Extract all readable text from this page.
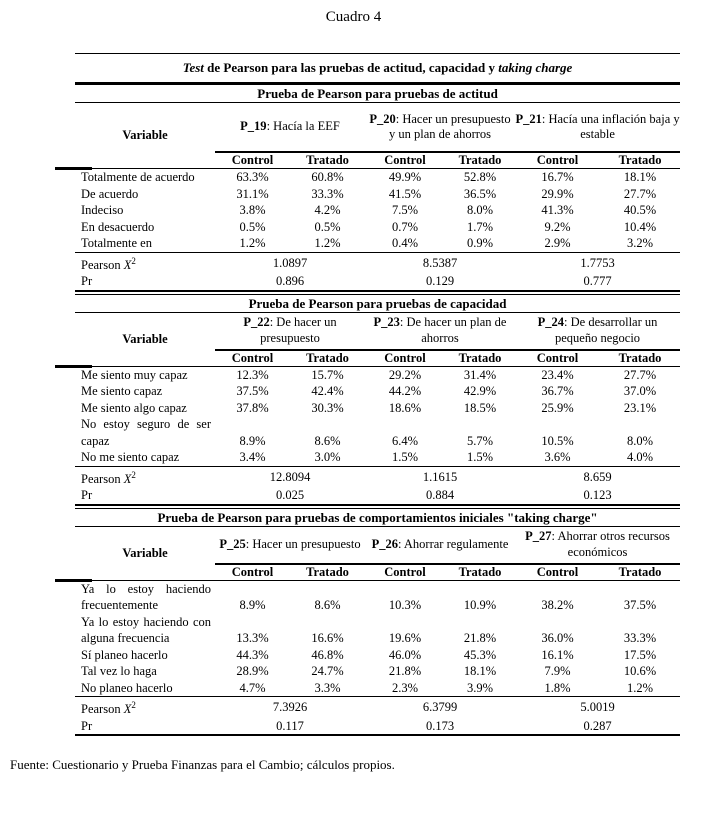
Cuadro 4
Test de Pearson para las pruebas de actitud, capacidad y taking charge
Prueba de Pearson para pruebas de actitud						
Variable	P_19: Hacía la EEF		P_20: Hacer un presupuesto y un plan de ahorros		P_21: Hacía una inflación baja y estable	

	Control	Tratado	Control	Tratado	Control	Tratado
Totalmente de acuerdo	63.3%	60.8%	49.9%	52.8%	16.7%	18.1%
De acuerdo	31.1%	33.3%	41.5%	36.5%	29.9%	27.7%
Indeciso	3.8%	4.2%	7.5%	8.0%	41.3%	40.5%
En desacuerdo	0.5%	0.5%	0.7%	1.7%	9.2%	10.4%
Totalmente en	1.2%	1.2%	0.4%	0.9%	2.9%	3.2%
Pearson $X^2$	1.0897		8.5387		1.7753	
Pr	0.896		0.129		0.777	
Prueba de Pearson para pruebas de capacidad						
Variable	P_22: De hacer un presupuesto		P_23: De hacer un plan de ahorros		P_24: De desarrollar un pequeño negocio	

	Control	Tratado	Control	Tratado	Control	Tratado
Me siento muy capaz	12.3%	15.7%	29.2%	31.4%	23.4%	27.7%
Me siento capaz	37.5%	42.4%	44.2%	42.9%	36.7%	37.0%
Me siento algo capaz	37.8%	30.3%	18.6%	18.5%	25.9%	23.1%
No estoy seguro de ser capaz	8.9%	8.6%	6.4%	5.7%	10.5%	8.0%
No me siento capaz	3.4%	3.0%	1.5%	1.5%	3.6%	4.0%
Pearson $X^2$	12.8094		1.1615		8.659	
Pr	0.025		0.884		0.123	
Prueba de Pearson para pruebas de comportamientos iniciales "taking charge"						
Variable	P_25: Hacer un presupuesto		P_26: Ahorrar regulamente		P_27: Ahorrar otros recursos económicos	

	Control	Tratado	Control	Tratado	Control	Tratado
Ya lo estoy haciendo frecuentemente	8.9%	8.6%	10.3%	10.9%	38.2%	37.5%
Ya lo estoy haciendo con alguna frecuencia	13.3%	16.6%	19.6%	21.8%	36.0%	33.3%
Sí planeo hacerlo	44.3%	46.8%	46.0%	45.3%	16.1%	17.5%
Tal vez lo haga	28.9%	24.7%	21.8%	18.1%	7.9%	10.6%
No planeo hacerlo	4.7%	3.3%	2.3%	3.9%	1.8%	1.2%
Pearson $X^2$	7.3926		6.3799		5.0019	
Pr	0.117		0.173		0.287	
Fuente: Cuestionario y Prueba Finanzas para el Cambio; cálculos propios.
